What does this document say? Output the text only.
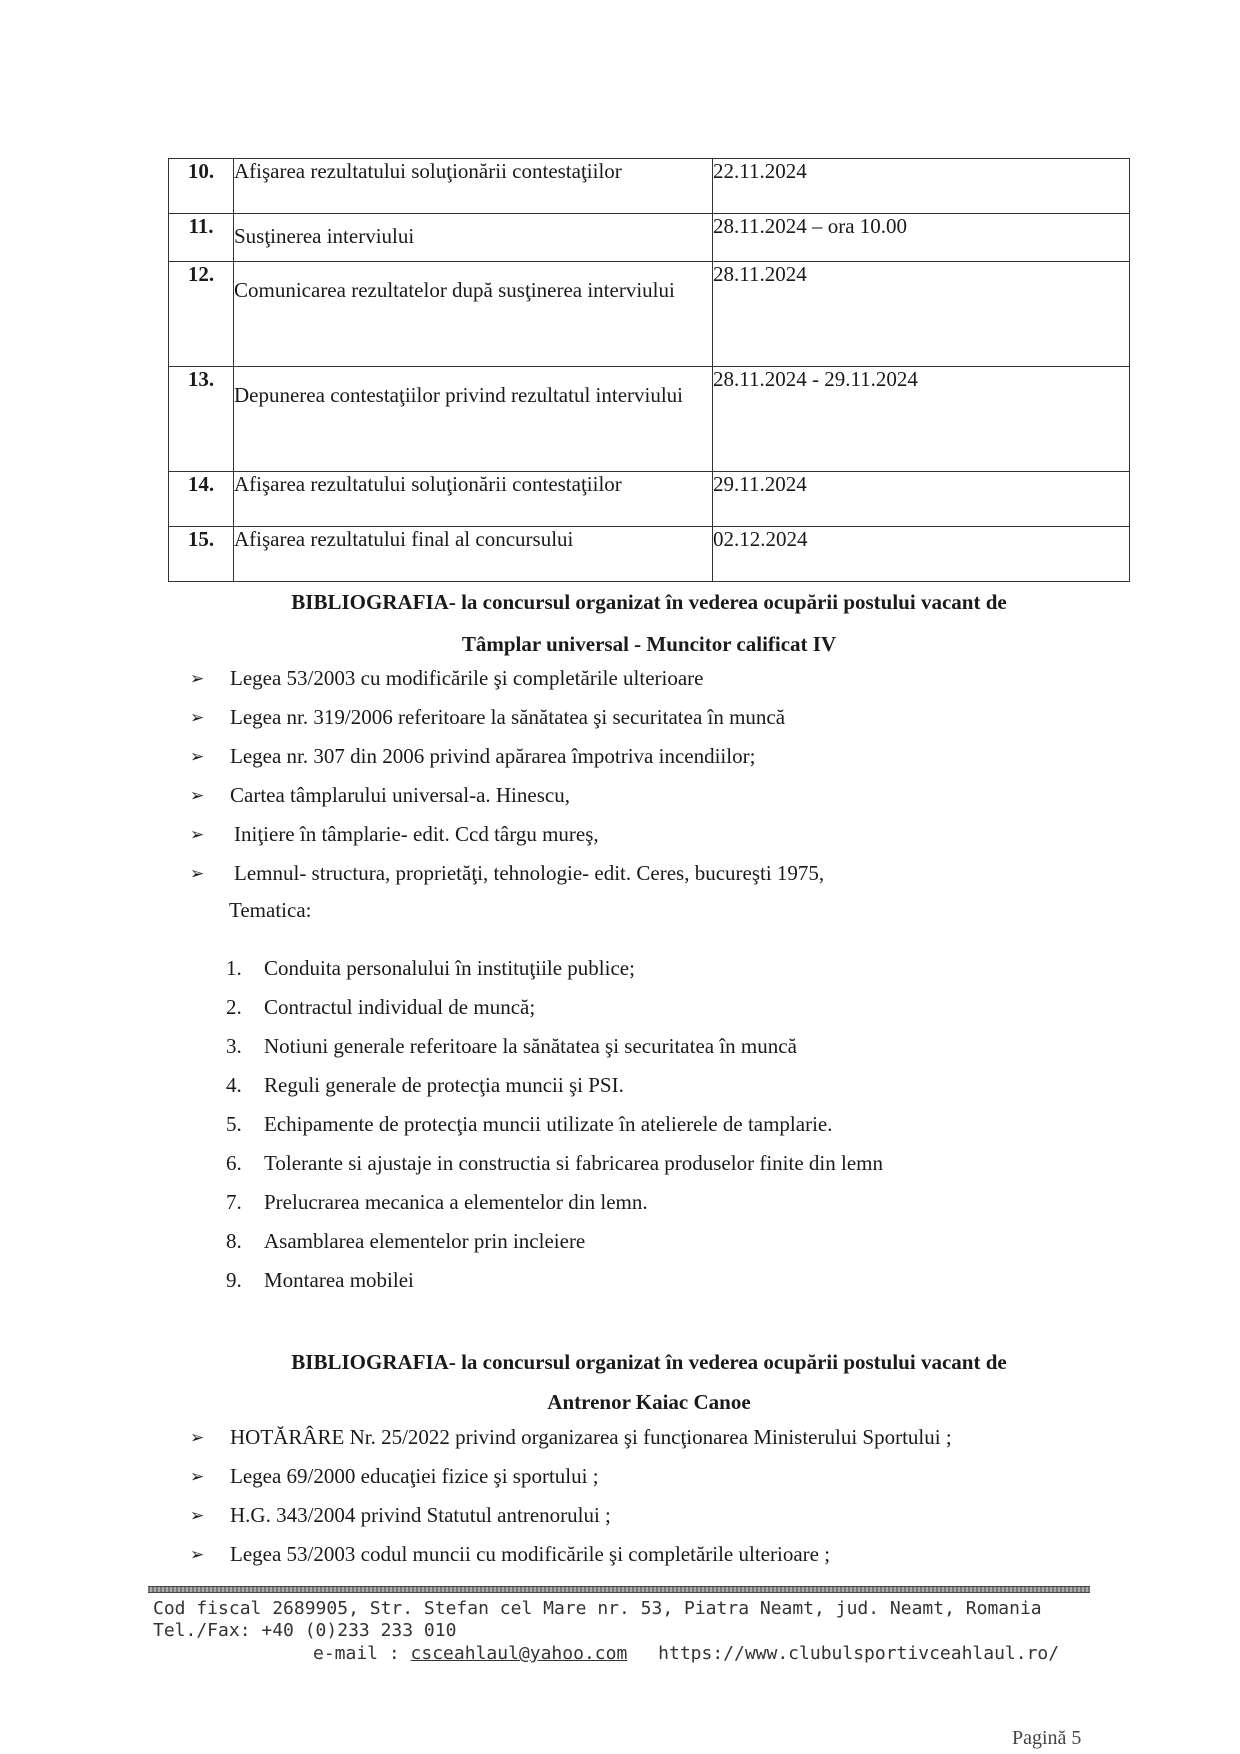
10.	Afişarea rezultatului soluţionării contestaţiilor	22.11.2024
11.	Susţinerea interviului	28.11.2024 – ora 10.00
12.	Comunicarea rezultatelor după susţinerea interviului	28.11.2024
13.	Depunerea contestaţiilor privind rezultatul interviului	28.11.2024 - 29.11.2024
14.	Afişarea rezultatului soluţionării contestaţiilor	29.11.2024
15.	Afişarea rezultatului final al concursului	02.12.2024
BIBLIOGRAFIA- la concursul organizat în vederea ocupării postului vacant de
Tâmplar universal - Muncitor calificat IV
➢	Legea 53/2003 cu modificările şi completările ulterioare
➢	Legea nr. 319/2006 referitoare la sănătatea şi securitatea în muncă
➢	Legea nr. 307 din 2006 privind apărarea împotriva incendiilor;
➢	Cartea tâmplarului universal-a. Hinescu,
➢	Iniţiere în tâmplarie- edit. Ccd târgu mureş,
➢	Lemnul- structura, proprietăţi, tehnologie- edit. Ceres, bucureşti 1975,
Tematica:
1.	Conduita personalului în instituţiile publice;
2.	Contractul individual de muncă;
3.	Notiuni generale referitoare la sănătatea şi securitatea în muncă
4.	Reguli generale de protecţia muncii şi PSI.
5.	Echipamente de protecţia muncii utilizate în atelierele de tamplarie.
6.	Tolerante si ajustaje in constructia si fabricarea produselor finite din lemn
7.	Prelucrarea mecanica a elementelor din lemn.
8.	Asamblarea elementelor prin incleiere
9.	Montarea mobilei
BIBLIOGRAFIA- la concursul organizat în vederea ocupării postului vacant de
Antrenor Kaiac Canoe
➢	HOTĂRÂRE Nr. 25/2022 privind organizarea şi funcţionarea Ministerului Sportului ;
➢	Legea 69/2000 educaţiei fizice şi sportului ;
➢	H.G. 343/2004 privind Statutul antrenorului ;
➢	Legea 53/2003 codul muncii cu modificările şi completările ulterioare ;
Cod fiscal 2689905, Str. Stefan cel Mare nr. 53, Piatra Neamt, jud. Neamt, Romania Tel./Fax: +40 (0)233 233 010
e-mail : csceahlaul@yahoo.com https://www.clubulsportivceahlaul.ro/
Pagină 5
